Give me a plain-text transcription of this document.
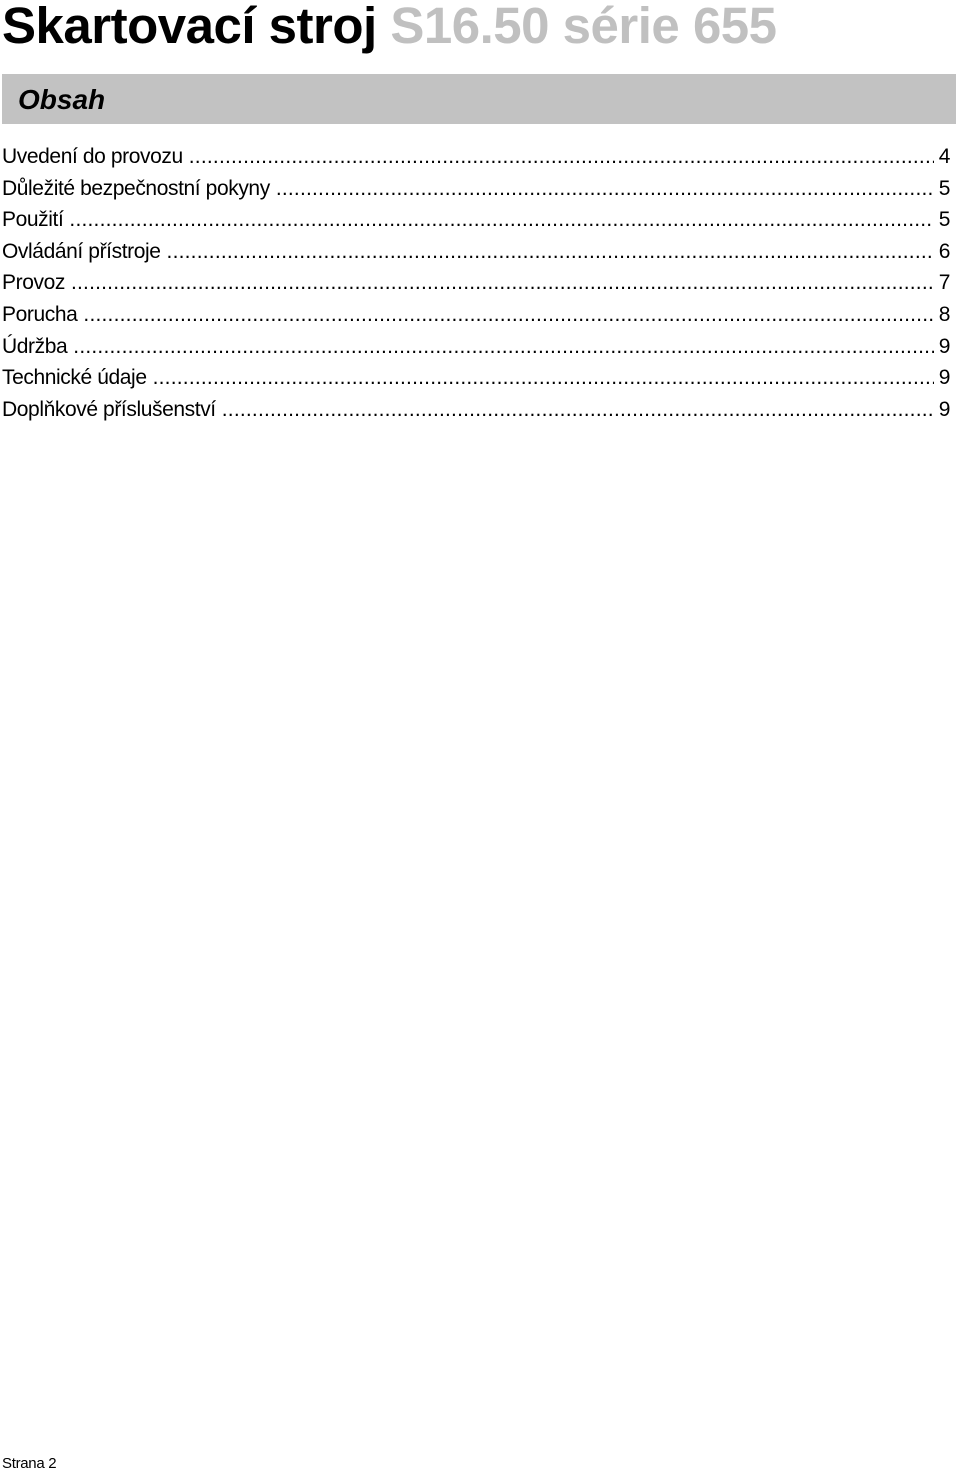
Skartovací stroj S16.50 série 655
Obsah
Uvedení do provozu .....	4
Důležité bezpečnostní pokyny .....	5
Použití .....	5
Ovládání přístroje .....	6
Provoz .....	7
Porucha .....	8
Údržba .....	9
Technické údaje .....	9
Doplňkové příslušenství .....	9
Strana 2
